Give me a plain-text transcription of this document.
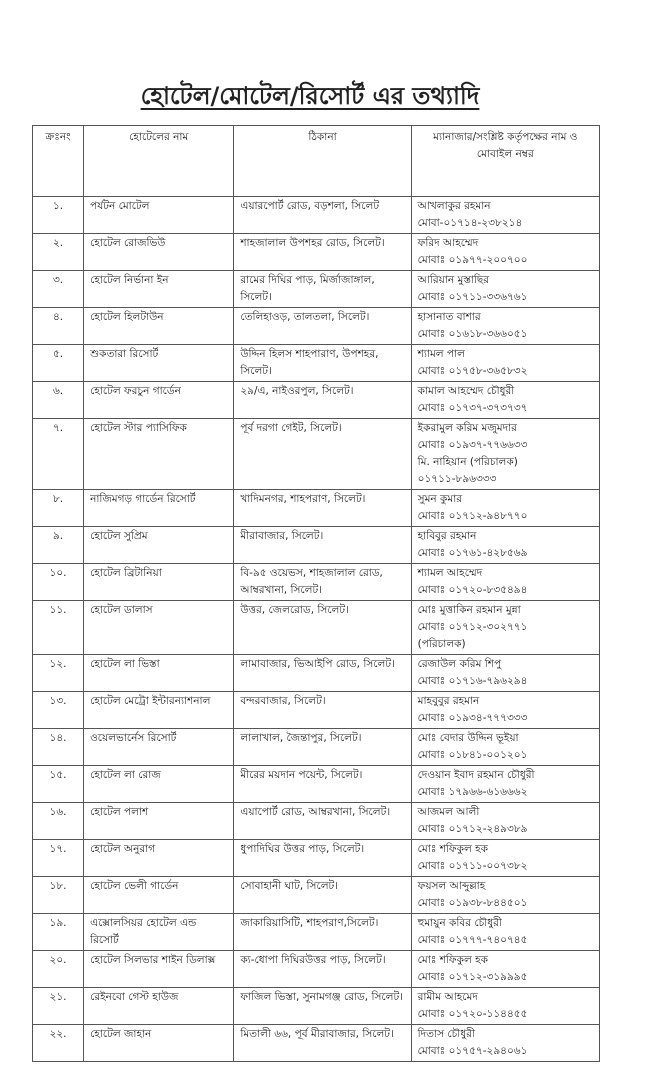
হোটেল/মোটেল/রিসোর্ট এর তথ্যাদি
ক্রঃনং	হোটেলের নাম	ঠিকানা	ম্যানাজার/সংশ্লিষ্ট কর্তৃপক্ষের নাম ও মোবাইল নম্বর
১.	পর্যটন মোটেল	এয়ারপোর্ট রোড, বড়শলা, সিলেট	আখলাকুর রহমান
মোবা-০১৭১৪-২৩৮২১৪

২.	হোটেল রোজভিউ	শাহজালাল উপশহর রোড, সিলেট।	ফরিদ আহম্মেদ
মোবাঃ ০১৯৭৭-২০০৭০০

৩.	হোটেল নির্ভানা ইন	রামের দিঘির পাড়, মির্জাজাঙ্গাল, সিলেট।	আরিয়ান মুস্তাছির
মোবাঃ ০১৭১১-৩৩৬৭৬১

৪.	হোটেল হিলটাউন	তেলিহাওড়, তালতলা, সিলেট।	হাসানাত বাশার
মোবাঃ ০১৬১৮-৩৬৬০৫১

৫.	শুকতারা রিসোর্ট	উদ্দিন হিলস শাহপারাণ, উপশহর, সিলেট।	শ্যামল পাল
মোবাঃ ০১৭৫৮-৩৬৫৮৩২

৬.	হোটেল ফরচুন গার্ডেন	২৯/এ, নাইওরপুল, সিলেট।	কামাল আহম্মেদ চৌধুরী
মোবাঃ ০১৭৩৭-৩৭৩৭৩৭

৭.	হোটেল স্টার প্যাসিফিক	পূর্ব দরগা গেইট, সিলেট।	ইকরামুল করিম মজুমদার
মোবাঃ ০১৯৩৭-৭৭৬৬৩৩
মি. নাহিয়ান (পরিচালক)
০১৭১১-৮৯৬৩৩৩

৮.	নাজিমগড় গার্ডেন রিসোর্ট	খাদিমনগর, শাহপরাণ, সিলেট।	সুমন কুমার
মোবাঃ ০১৭১২-৯৪৮৭৭০

৯.	হোটেল সুপ্রিম	মীরাবাজার, সিলেট।	হাবিবুর রহমান
মোবাঃ ০১৭৬১-৪২৮৫৬৯

১০.	হোটেল ব্রিটানিয়া	বি-৯৫ ওয়েভস, শাহজালাল রোড, আম্বরখানা, সিলেট।	শ্যামল আহম্মেদ
মোবাঃ ০১৭২০-৮৩৫৪৯৪

১১.	হোটেল ডালাস	উত্তর, জেলরোড, সিলেট।	মোঃ মুত্তাকিন রহমান মুন্না
মোবাঃ ০১৭১২-৩০২৭৭১
(পরিচালক)

১২.	হোটেল লা ভিস্তা	লামাবাজার, ভিআইপি রোড, সিলেট।	রেজাউল করিম শিপু
মোবাঃ ০১৭১৬-৭৯৬২৯৪

১৩.	হোটেল মেট্রো ইন্টারন্যাশনাল	বন্দরবাজার, সিলেট।	মাহবুবুর রহমান
মোবাঃ ০১৯৩৪-৭৭৭৩৩৩

১৪.	ওয়েলভার্নেস রিসোর্ট	লালাখাল, জৈন্তাপুর, সিলেট।	মোঃ বেদার উদ্দিন ভূইয়া
মোবাঃ ০১৮৪১-০০১২০১

১৫.	হোটেল লা রোজ	মীরের ময়দান পয়েন্ট, সিলেট।	দেওয়ান ইবাদ রহমান চৌধুরী
মোবাঃ ১৭৯৬৬-৬১৬৬৬২

১৬.	হোটেল পলাশ	এয়াপোর্ট রোড, আম্বরখানা, সিলেট।	আজমল আলী
মোবাঃ ০১৭১২-২৪৯৩৮৯

১৭.	হোটেল অনুরাগ	ধুপাদিঘির উত্তর পাড়, সিলেট।	মোঃ শফিকুল হক
মোবাঃ ০১৭১১-০০৭৩৮২

১৮.	হোটেল ভেলী গার্ডেন	সোবাহানী ঘাট, সিলেট।	ফয়সল আব্দুল্লাহ
মোবাঃ ০১৯৩৮-৮৪৪৫০১

১৯.	এক্সোলসিয়র হোটেল এন্ড রিসোর্ট	জাকারিয়াসিটি, শাহপরাণ,সিলেট।	হুমায়ুন কবির চৌধুরী
মোবাঃ ০১৭৭৭-৭৪০৭৪৫

২০.	হোটেল সিলভার শাইন ডিলাক্স	ক্য-ধোপা দিঘিরউত্তর পাড়, সিলেট।	মোঃ শফিকুল হক
মোবাঃ ০১৭১২-৩১৯৯৯৫

২১.	রেইনবো গেস্ট হাউজ	ফাজিল ভিস্তা, সুনামগঞ্জ রোড, সিলেট।	রামীম আহমেদ
মোবাঃ ০১৭২০-১১৪৪৫৫

২২.	হোটেল জাহান	মিতালী ৬৬, পূর্ব মীরাবাজার, সিলেট।	দিতাস চৌধুরী
মোবাঃ ০১৭৫৭-২৯৪০৬১
